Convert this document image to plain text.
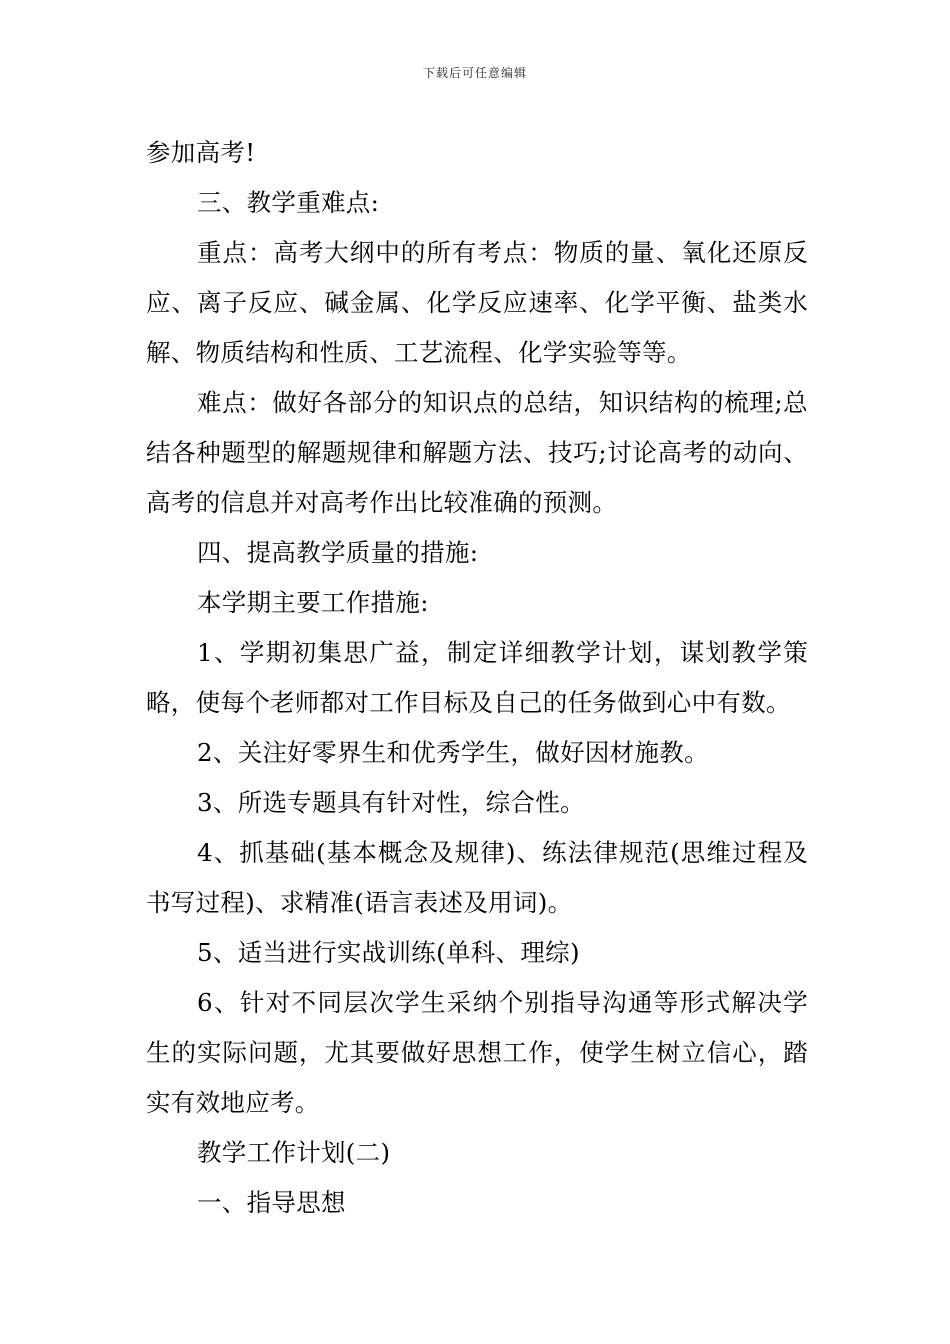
下载后可任意编辑

参加高考!

三、教学重难点:

重点：高考大纲中的所有考点：物质的量、氧化还原反应、离子反应、碱金属、化学反应速率、化学平衡、盐类水解、物质结构和性质、工艺流程、化学实验等等。

难点：做好各部分的知识点的总结，知识结构的梳理;总结各种题型的解题规律和解题方法、技巧;讨论高考的动向、高考的信息并对高考作出比较准确的预测。

四、提高教学质量的措施:

本学期主要工作措施:

1、学期初集思广益，制定详细教学计划，谋划教学策略，使每个老师都对工作目标及自己的任务做到心中有数。

2、关注好零界生和优秀学生，做好因材施教。

3、所选专题具有针对性，综合性。

4、抓基础(基本概念及规律)、练法律规范(思维过程及书写过程)、求精准(语言表述及用词)。

5、适当进行实战训练(单科、理综)

6、针对不同层次学生采纳个别指导沟通等形式解决学生的实际问题，尤其要做好思想工作，使学生树立信心，踏实有效地应考。

教学工作计划(二)

一、指导思想
